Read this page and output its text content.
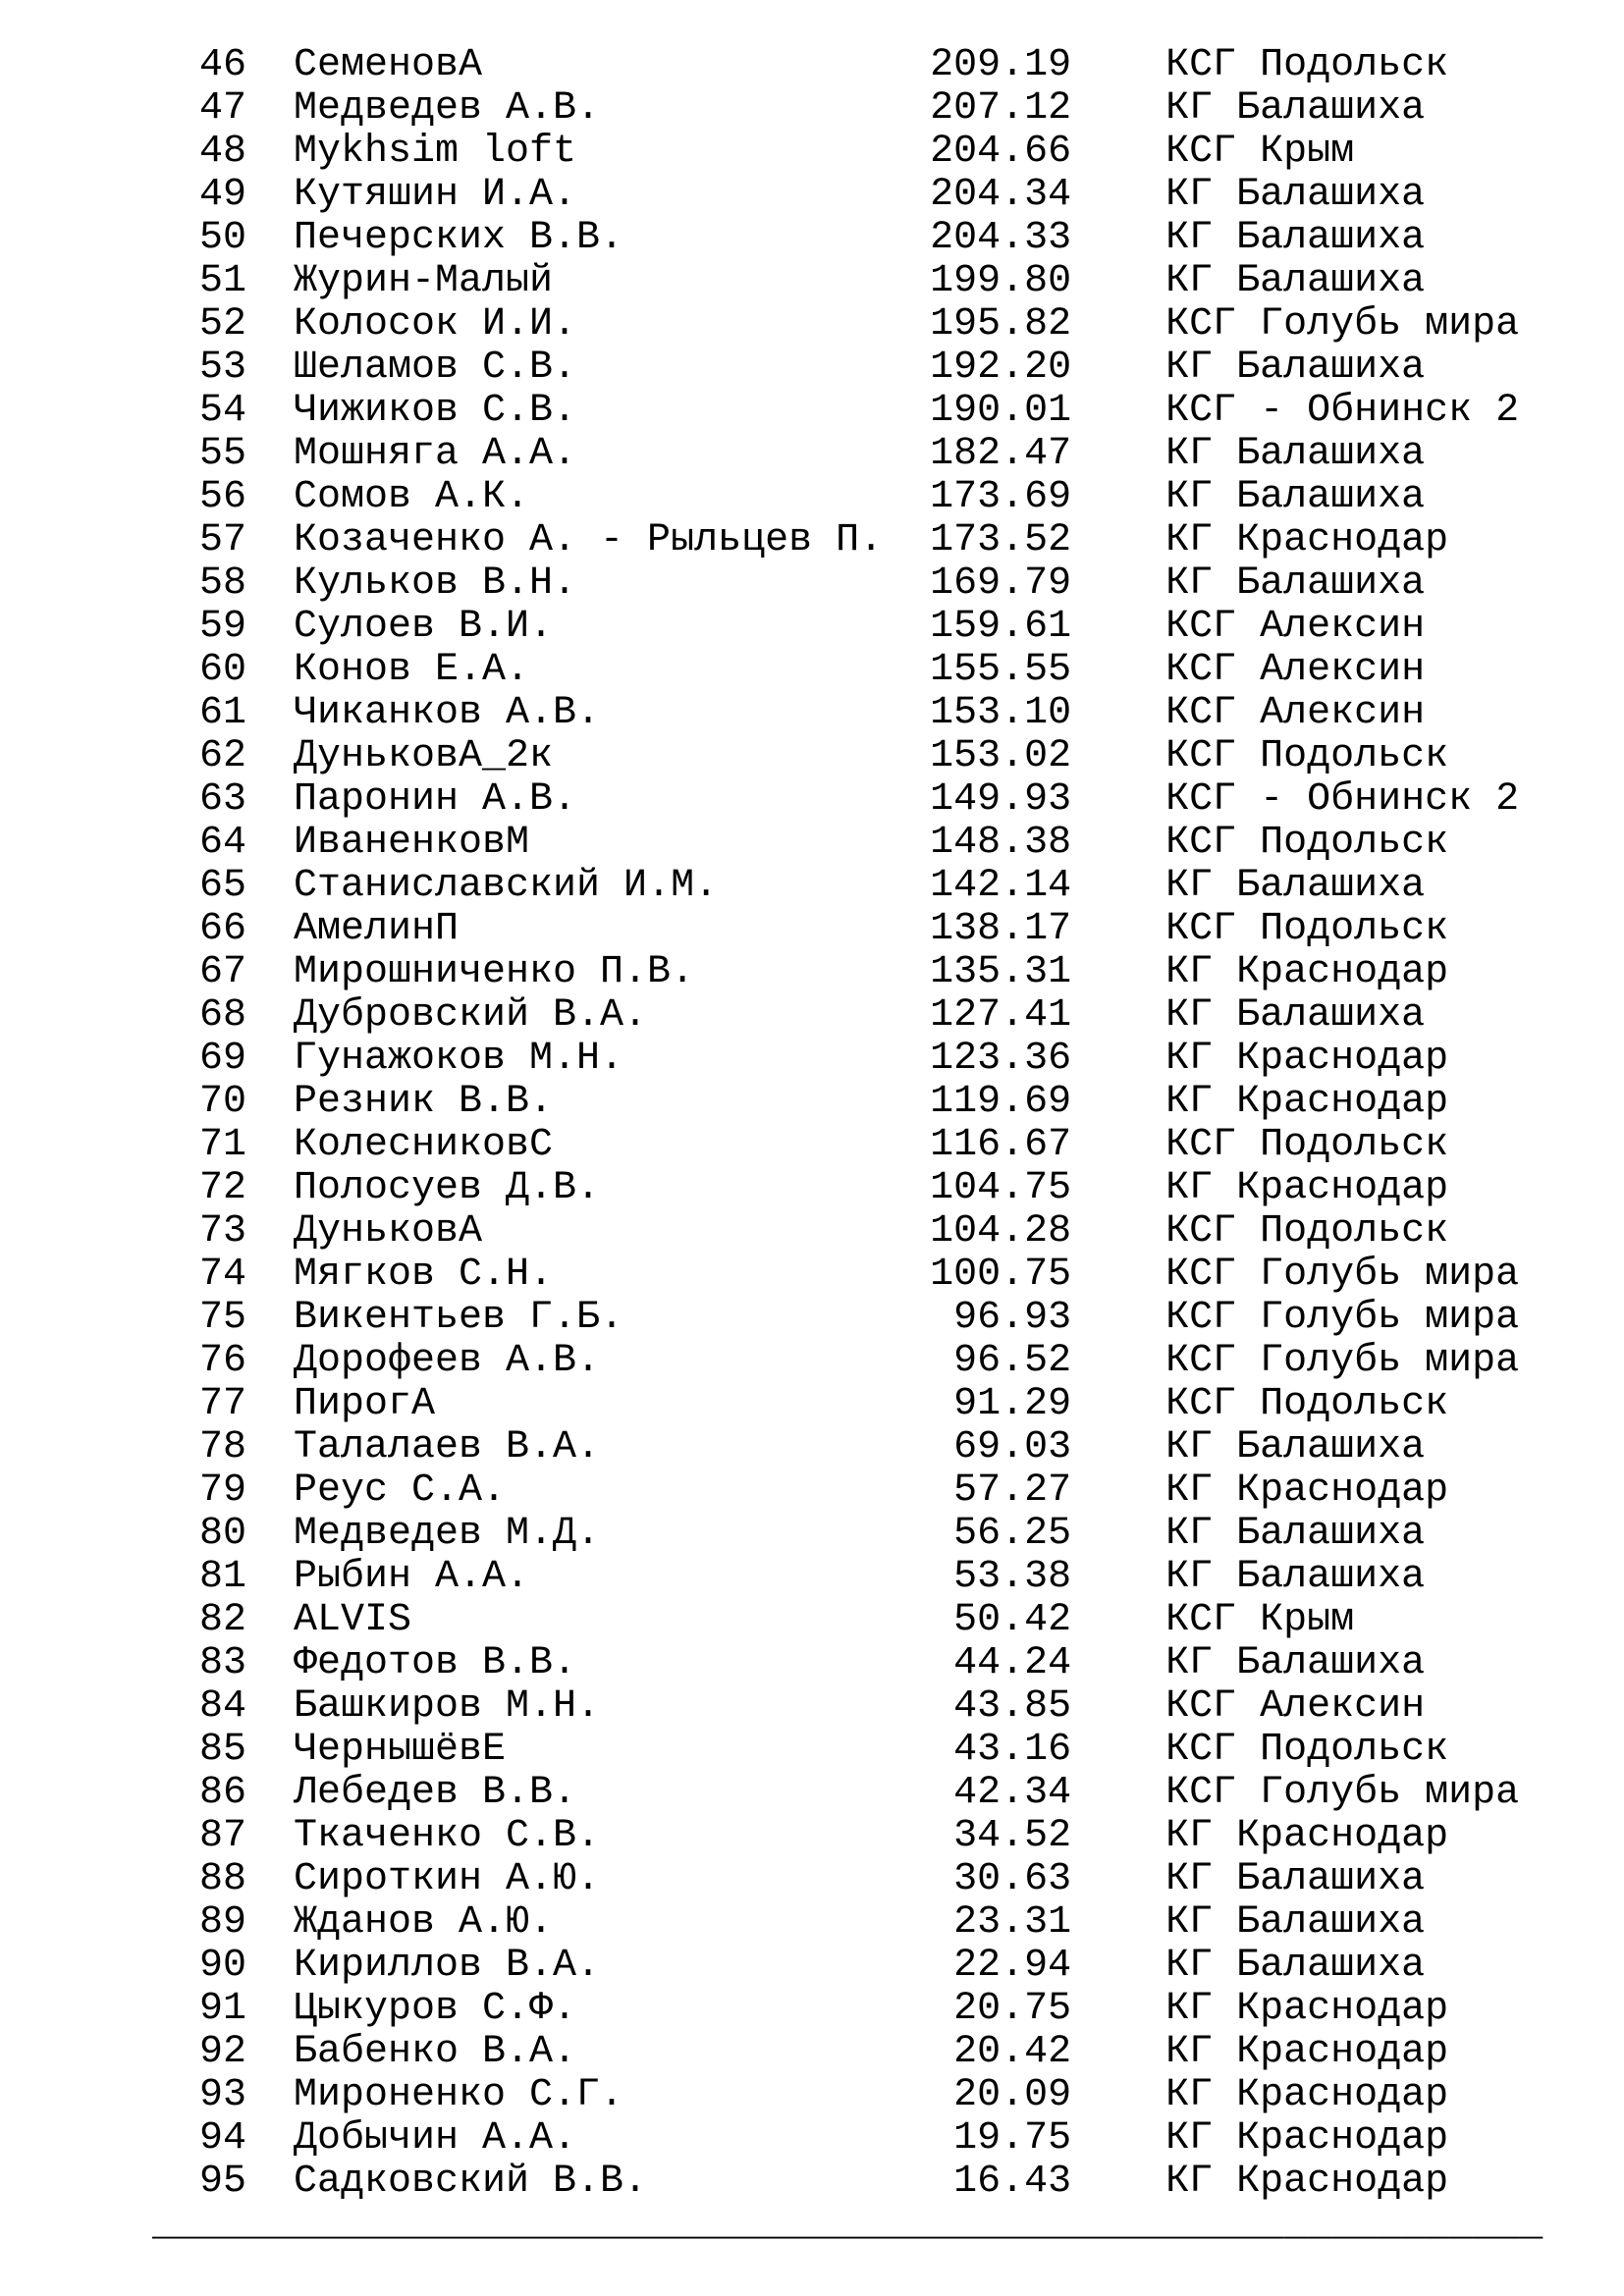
46 СеменовА	209.19 КСГ Подольск
47 Медведев А.В.	207.12 КГ Балашиха
48 Mykhsim loft	204.66 КСГ Крым
49 Кутяшин И.А.	204.34 КГ Балашиха
50 Печерских В.В.	204.33 КГ Балашиха
51 Журин-Малый	199.80 КГ Балашиха
52 Колосок И.И.	195.82 КСГ Голубь мира
53 Шеламов С.В.	192.20 КГ Балашиха
54 Чижиков С.В.	190.01 КСГ - Обнинск 2
55 Мошняга А.А.	182.47 КГ Балашиха
56 Сомов А.К.	173.69 КГ Балашиха
57 Козаченко А. - Рыльцев П. 173.52 КГ Краснодар
58 Кульков В.Н.	169.79 КГ Балашиха
59 Сулоев В.И.	159.61 КСГ Алексин
60 Конов Е.А.	155.55 КСГ Алексин
61 Чиканков А.В.	153.10 КСГ Алексин
62 ДуньковА_2к	153.02 КСГ Подольск
63 Паронин А.В.	149.93 КСГ - Обнинск 2
64 ИваненковМ	148.38 КСГ Подольск
65 Станиславский И.М.	142.14 КГ Балашиха
66 АмелинП	138.17 КСГ Подольск
67 Мирошниченко П.В.	135.31 КГ Краснодар
68 Дубровский В.А.	127.41 КГ Балашиха
69 Гунажоков М.Н.	123.36 КГ Краснодар
70 Резник В.В.	119.69 КГ Краснодар
71 КолесниковС	116.67 КСГ Подольск
72 Полосуев Д.В.	104.75 КГ Краснодар
73 ДуньковА	104.28 КСГ Подольск
74 Мягков С.Н.	100.75 КСГ Голубь мира
75 Викентьев Г.Б.	96.93 КСГ Голубь мира
76 Дорофеев А.В.	96.52 КСГ Голубь мира
77 ПирогА	91.29 КСГ Подольск
78 Талалаев В.А.	69.03 КГ Балашиха
79 Реус С.А.	57.27 КГ Краснодар
80 Медведев М.Д.	56.25 КГ Балашиха
81 Рыбин А.А.	53.38 КГ Балашиха
82 ALVIS	50.42 КСГ Крым
83 Федотов В.В.	44.24 КГ Балашиха
84 Башкиров М.Н.	43.85 КСГ Алексин
85 ЧернышёвЕ	43.16 КСГ Подольск
86 Лебедев В.В.	42.34 КСГ Голубь мира
87 Ткаченко С.В.	34.52 КГ Краснодар
88 Сироткин А.Ю.	30.63 КГ Балашиха
89 Жданов А.Ю.	23.31 КГ Балашиха
90 Кириллов В.А.	22.94 КГ Балашиха
91 Цыкуров С.Ф.	20.75 КГ Краснодар
92 Бабенко В.А.	20.42 КГ Краснодар
93 Мироненко С.Г.	20.09 КГ Краснодар
94 Добычин А.А.	19.75 КГ Краснодар
95 Садковский В.В.	16.43 КГ Краснодар
___________________________________________________________
